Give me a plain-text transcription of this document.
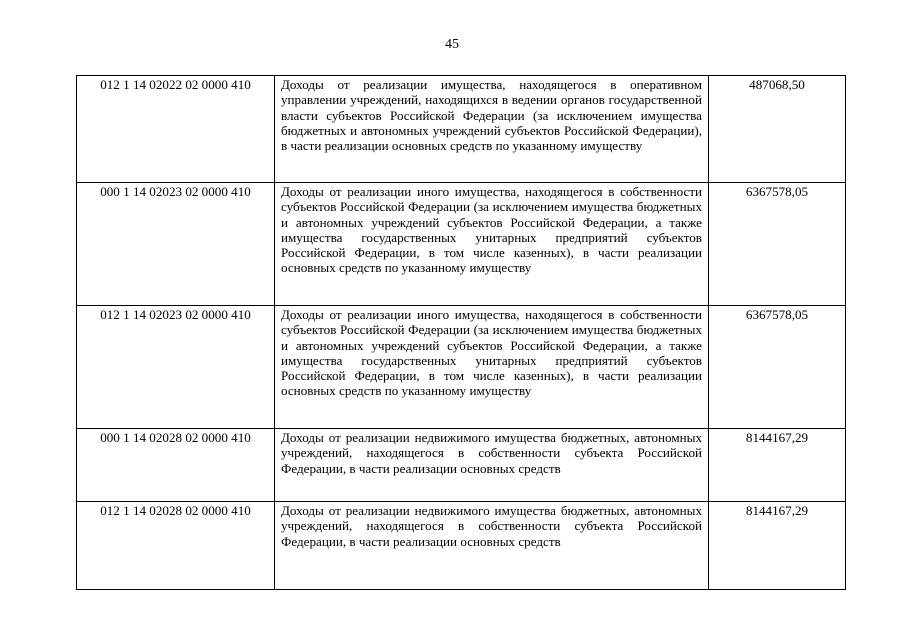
45
012 1 14 02022 02 0000 410	Доходы от реализации имущества, находящегося в оперативном управлении учреждений, находящихся в ведении органов государственной власти субъектов Российской Федерации (за исключением имущества бюджетных и автономных учреждений субъектов Российской Федерации), в части реализации основных средств по указанному имуществу	487068,50
000 1 14 02023 02 0000 410	Доходы от реализации иного имущества, находящегося в собственности субъектов Российской Федерации (за исключением имущества бюджетных и автономных учреждений субъектов Российской Федерации, а также имущества государственных унитарных предприятий субъектов Российской Федерации, в том числе казенных), в части реализации основных средств по указанному имуществу	6367578,05
012 1 14 02023 02 0000 410	Доходы от реализации иного имущества, находящегося в собственности субъектов Российской Федерации (за исключением имущества бюджетных и автономных учреждений субъектов Российской Федерации, а также имущества государственных унитарных предприятий субъектов Российской Федерации, в том числе казенных), в части реализации основных средств по указанному имуществу	6367578,05
000 1 14 02028 02 0000 410	Доходы от реализации недвижимого имущества бюджетных, автономных учреждений, находящегося в собственности субъекта Российской Федерации, в части реализации основных средств	8144167,29
012 1 14 02028 02 0000 410	Доходы от реализации недвижимого имущества бюджетных, автономных учреждений, находящегося в собственности субъекта Российской Федерации, в части реализации основных средств	8144167,29
